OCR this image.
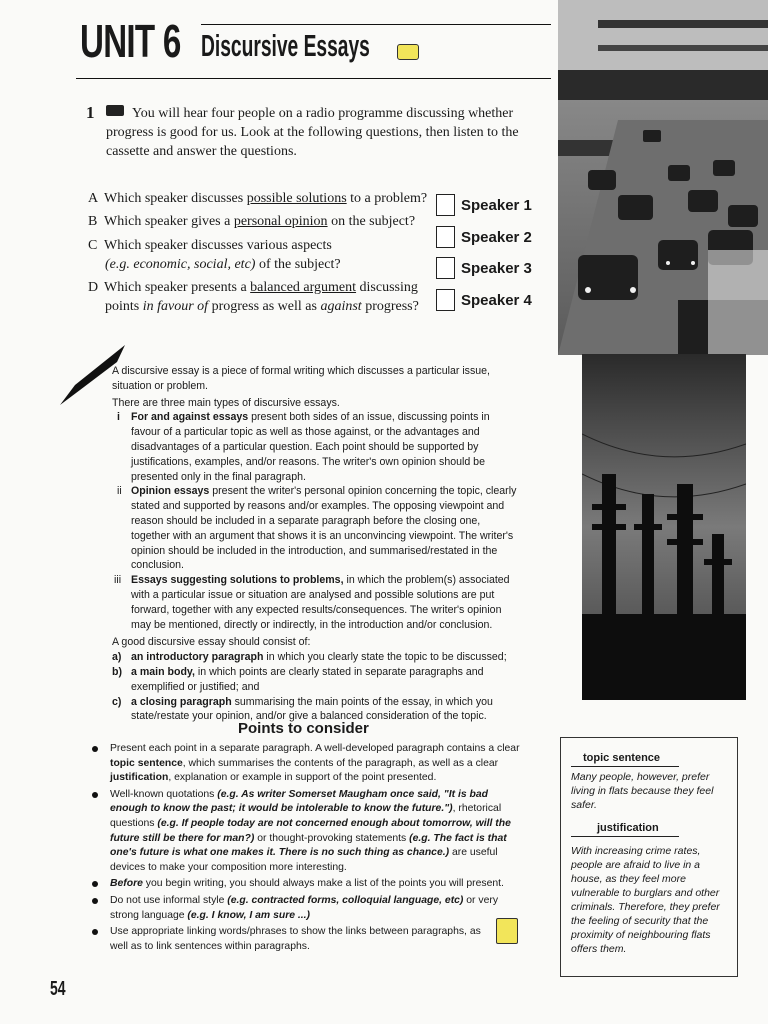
UNIT 6 Discursive Essays
1	You will hear four people on a radio programme discussing whether progress is good for us. Look at the following questions, then listen to the cassette and answer the questions.
A Which speaker discusses possible solutions to a problem?
B Which speaker gives a personal opinion on the subject?
C Which speaker discusses various aspects
(e.g. economic, social, etc) of the subject?
D Which speaker presents a balanced argument discussing
points in favour of progress as well as against progress?
Speaker 1
Speaker 2
Speaker 3
Speaker 4

A discursive essay is a piece of formal writing which discusses a particular issue, situation or problem.

There are three main types of discursive essays.

i For and against essays present both sides of an issue, discussing points in favour of a particular topic as well as those against, or the advantages and disadvantages of a particular question. Each point should be supported by justifications, examples, and/or reasons. The writer's own opinion should be presented only in the final paragraph.
ii Opinion essays present the writer's personal opinion concerning the topic, clearly stated and supported by reasons and/or examples. The opposing viewpoint and reason should be included in a separate paragraph before the closing one, together with an argument that shows it is an unconvincing viewpoint. The writer's opinion should be included in the introduction, and summarised/restated in the conclusion.
iii Essays suggesting solutions to problems, in which the problem(s) associated with a particular issue or situation are analysed and possible solutions are put forward, together with any expected results/consequences. The writer's opinion may be mentioned, directly or indirectly, in the introduction and/or conclusion.

A good discursive essay should consist of:

a) an introductory paragraph in which you clearly state the topic to be discussed;
b) a main body, in which points are clearly stated in separate paragraphs and exemplified or justified; and
c) a closing paragraph summarising the main points of the essay, in which you state/restate your opinion, and/or give a balanced consideration of the topic.
Points to consider
Present each point in a separate paragraph. A well-developed paragraph contains a clear topic sentence, which summarises the contents of the paragraph, as well as a clear justification, explanation or example in support of the point presented.
Well-known quotations (e.g. As writer Somerset Maugham once said, "It is bad enough to know the past; it would be intolerable to know the future."), rhetorical questions (e.g. If people today are not concerned enough about tomorrow, will the future still be there for man?) or thought-provoking statements (e.g. The fact is that one's future is what one makes it. There is no such thing as chance.) are useful devices to make your composition more interesting.
Before you begin writing, you should always make a list of the points you will present.
Do not use informal style (e.g. contracted forms, colloquial language, etc) or very strong language (e.g. I know, I am sure ...)
Use appropriate linking words/phrases to show the links between paragraphs, as well as to link sentences within paragraphs.
topic sentence
Many people, however, prefer living in flats because they feel safer.
justification
With increasing crime rates, people are afraid to live in a house, as they feel more vulnerable to burglars and other criminals. Therefore, they prefer the feeling of security that the proximity of neighbouring flats offers them.
54
